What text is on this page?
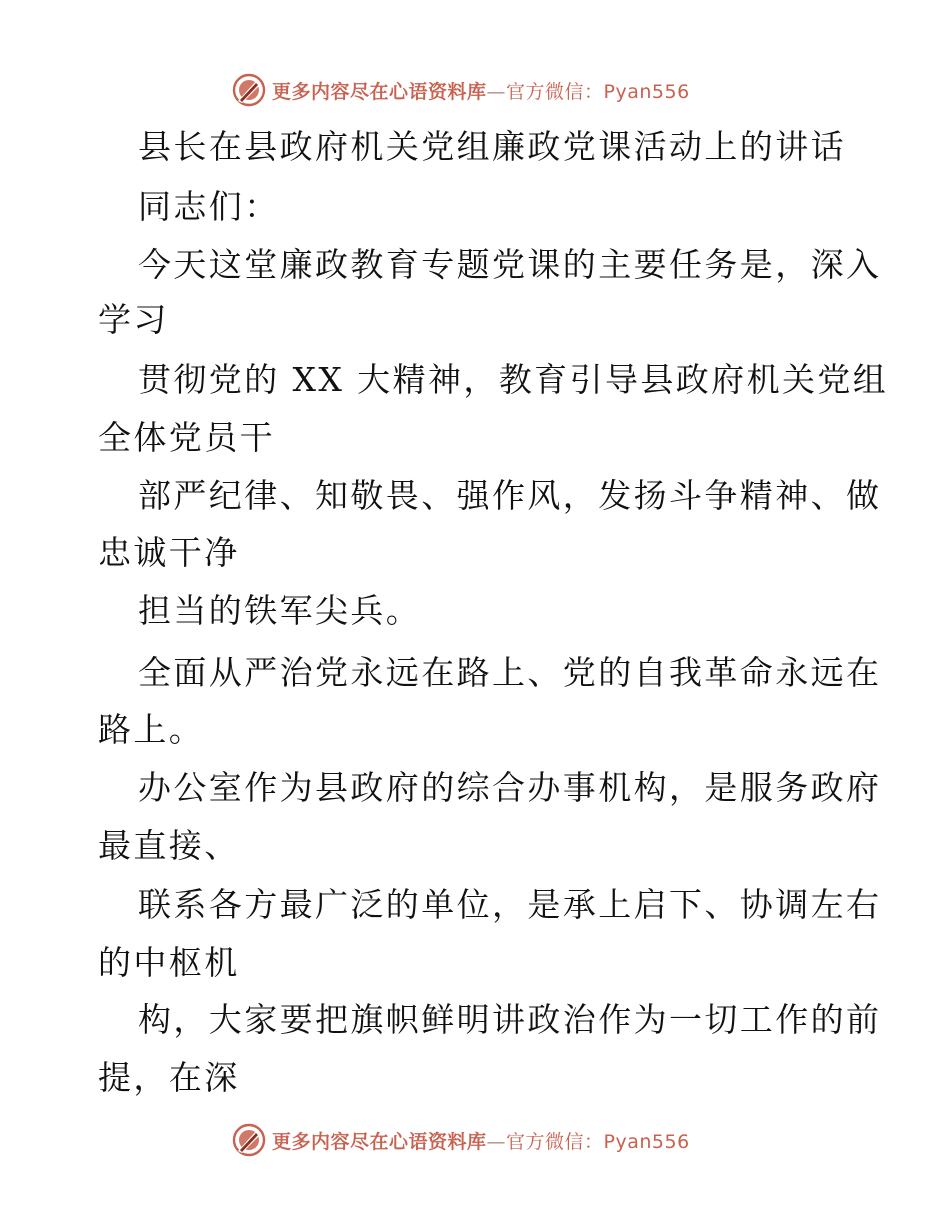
更多内容尽在心语资料库—官方微信：Pyan556
县长在县政府机关党组廉政党课活动上的讲话
同志们：
今天这堂廉政教育专题党课的主要任务是，深入
学习
贯彻党的 XX 大精神，教育引导县政府机关党组
全体党员干
部严纪律、知敬畏、强作风，发扬斗争精神、做
忠诚干净
担当的铁军尖兵。
全面从严治党永远在路上、党的自我革命永远在
路上。
办公室作为县政府的综合办事机构，是服务政府
最直接、
联系各方最广泛的单位，是承上启下、协调左右
的中枢机
构，大家要把旗帜鲜明讲政治作为一切工作的前
提，在深
更多内容尽在心语资料库—官方微信：Pyan556
